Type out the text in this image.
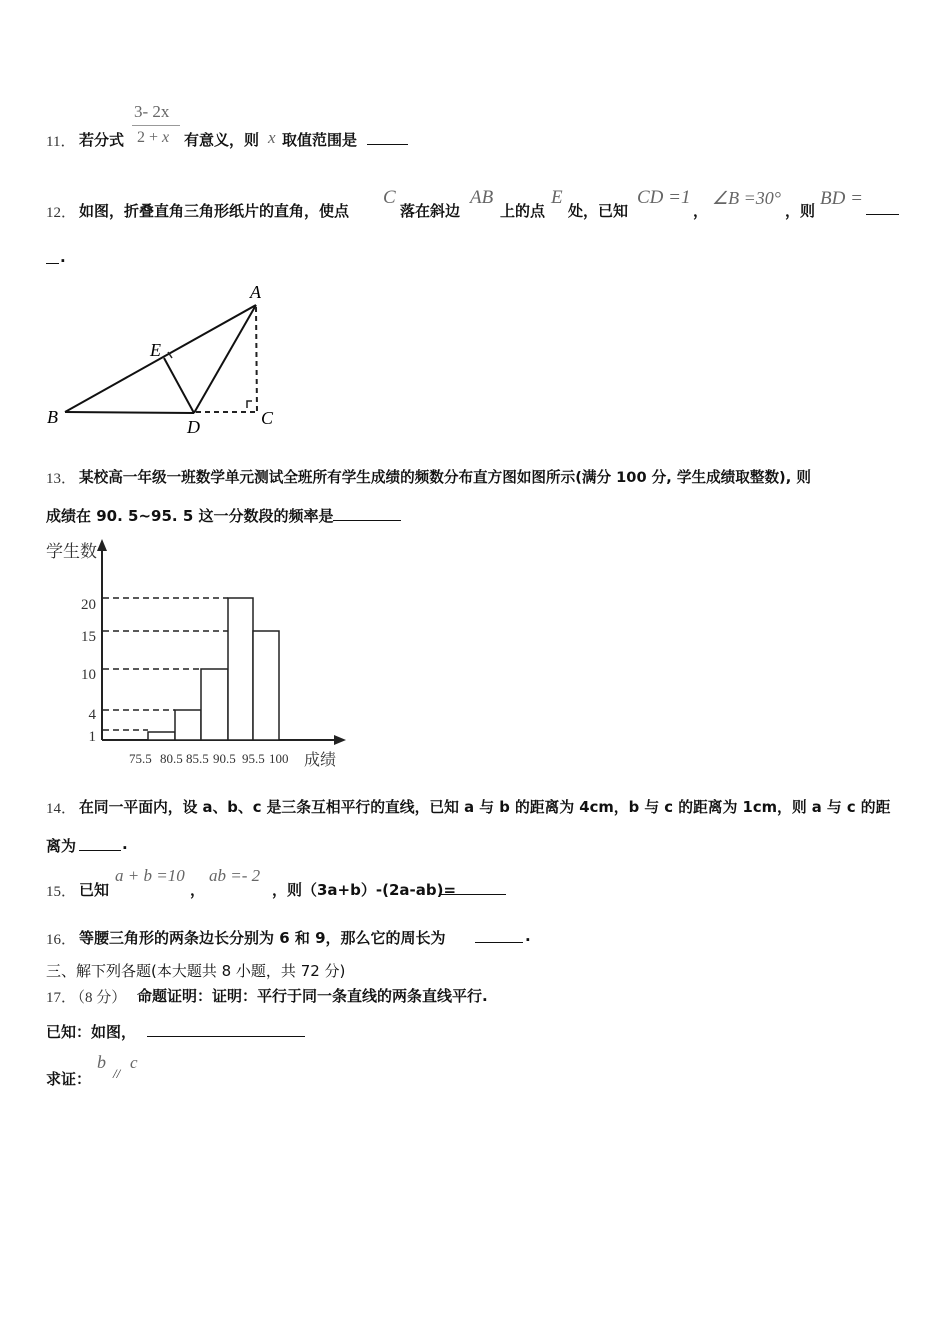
3- 2x
11． 若分式 2 + x 有意义，则 x 取值范围是
12． 如图，折叠直角三角形纸片的直角，使点
C
落在斜边
AB
上的点
E
处，已知
CD =1
，
∠B =30°
，则
BD =
.
A
B	C
D
E
13． 某校高一年级一班数学单元测试全班所有学生成绩的频数分布直方图如图所示(满分 100 分, 学生成绩取整数), 则
成绩在 90. 5~95. 5 这一分数段的频率是
20
15
10
4
1
75.5 80.5 85.5 90.5 95.5 100
学生数
成绩
14． 在同一平面内，设 a、b、c 是三条互相平行的直线，已知 a 与 b 的距离为 4cm，b 与 c 的距离为 1cm，则 a 与 c 的距
离为	.
15． 已知
a + b =10
，
ab =- 2
，则（3a+b）-(2a-ab)=
16． 等腰三角形的两条边长分别为 6 和 9，那么它的周长为	.
三、解下列各题(本大题共 8 小题，共 72 分)
17．
（8 分） 命题证明：证明：平行于同一条直线的两条直线平行.
已知：如图，
求证：
b
//
c
